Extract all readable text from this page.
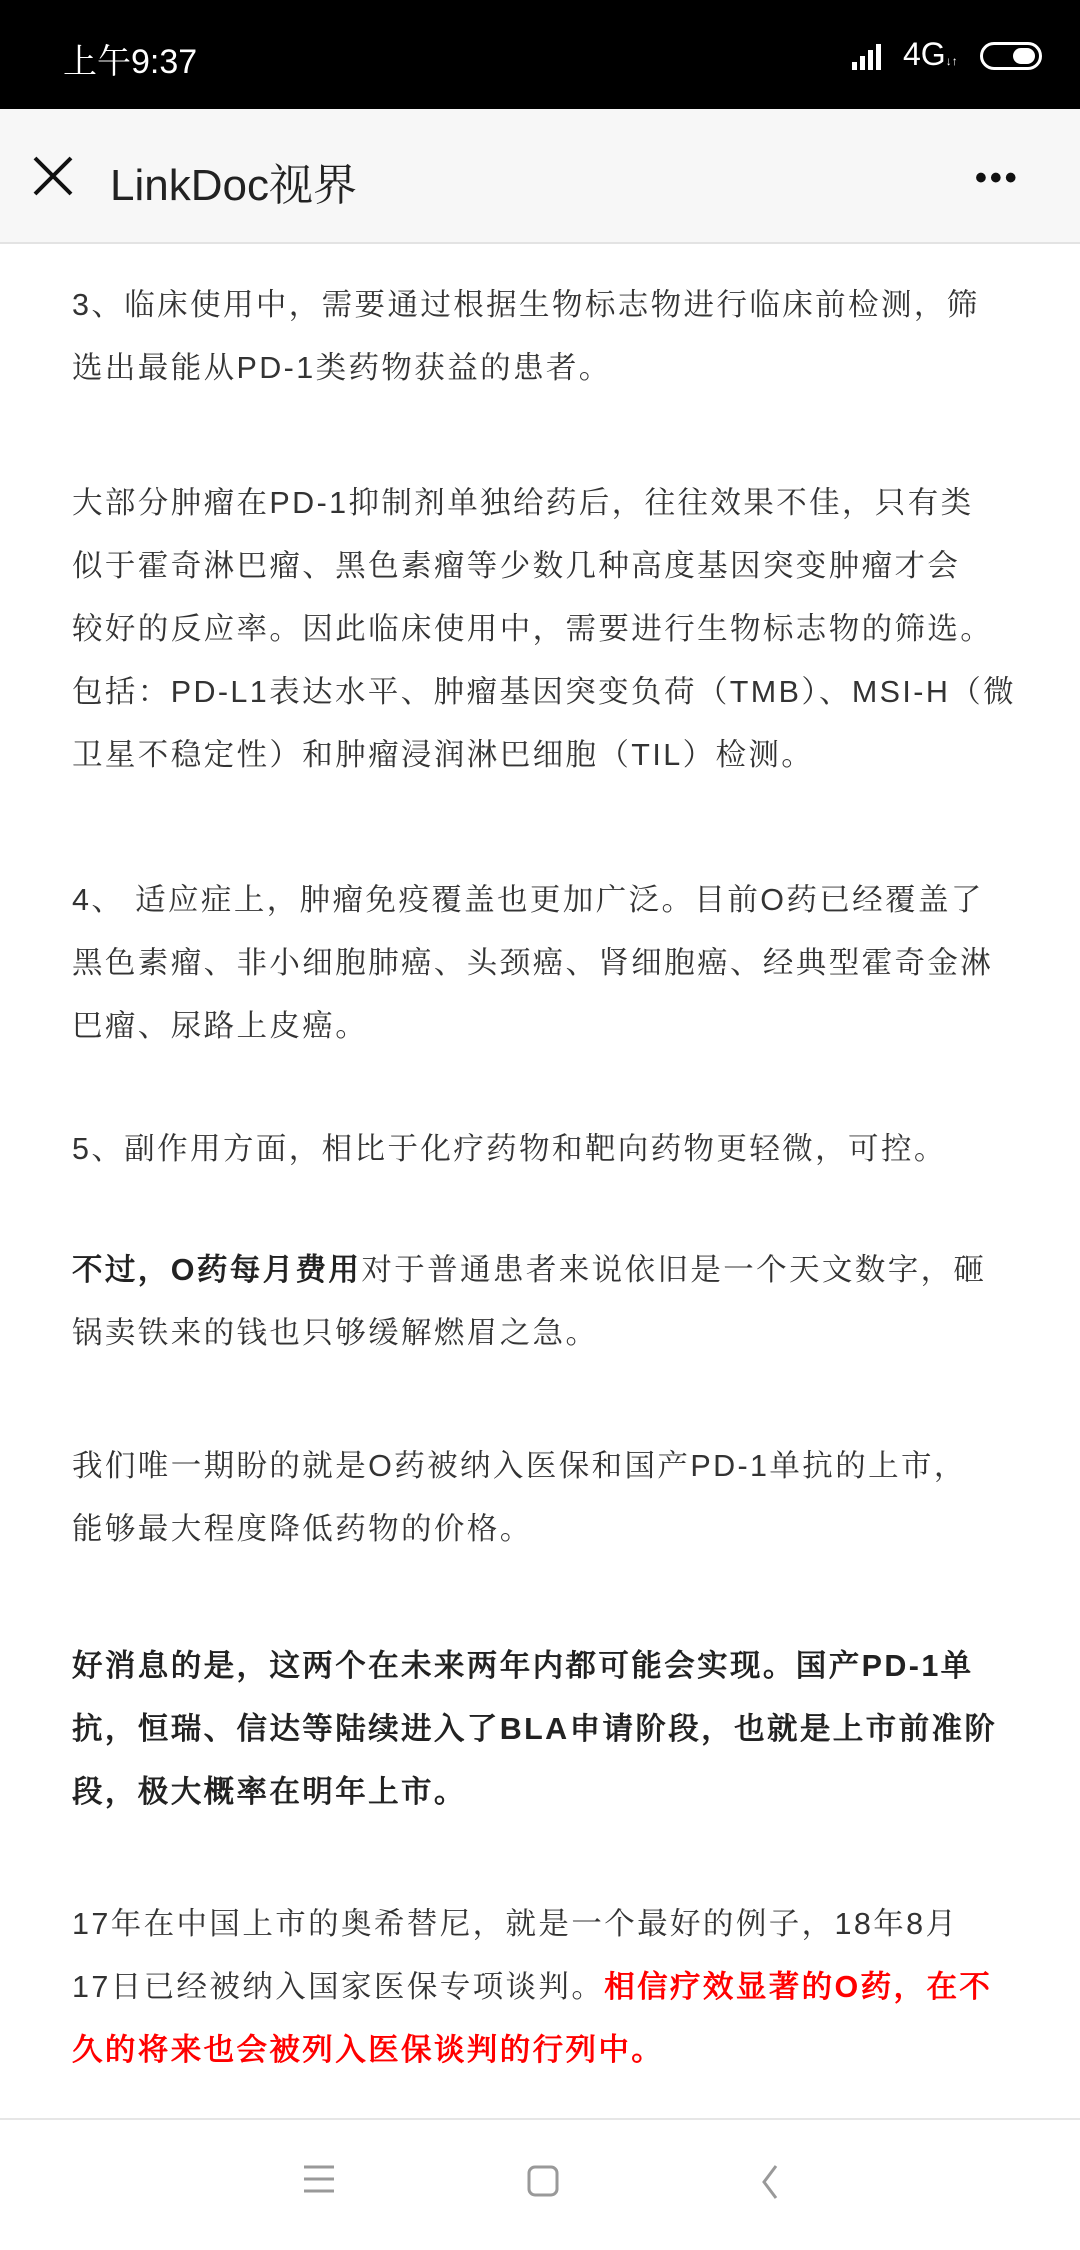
上午9:37	4G↓↑
LinkDoc视界	•••
3、临床使用中，需要通过根据生物标志物进行临床前检测，筛
选出最能从PD-1类药物获益的患者。
大部分肿瘤在PD-1抑制剂单独给药后，往往效果不佳，只有类
似于霍奇淋巴瘤、黑色素瘤等少数几种高度基因突变肿瘤才会
较好的反应率。因此临床使用中，需要进行生物标志物的筛选。
包括：PD-L1表达水平、肿瘤基因突变负荷（TMB）、MSI-H（微
卫星不稳定性）和肿瘤浸润淋巴细胞（TIL）检测。
4、 适应症上，肿瘤免疫覆盖也更加广泛。目前O药已经覆盖了
黑色素瘤、非小细胞肺癌、头颈癌、肾细胞癌、经典型霍奇金淋
巴瘤、尿路上皮癌。
5、副作用方面，相比于化疗药物和靶向药物更轻微，可控。
不过，O药每月费用对于普通患者来说依旧是一个天文数字，砸
锅卖铁来的钱也只够缓解燃眉之急。
我们唯一期盼的就是O药被纳入医保和国产PD-1单抗的上市，
能够最大程度降低药物的价格。
好消息的是，这两个在未来两年内都可能会实现。国产PD-1单
抗，恒瑞、信达等陆续进入了BLA申请阶段，也就是上市前准阶
段，极大概率在明年上市。
17年在中国上市的奥希替尼，就是一个最好的例子，18年8月
17日已经被纳入国家医保专项谈判。相信疗效显著的O药，在不
久的将来也会被列入医保谈判的行列中。
